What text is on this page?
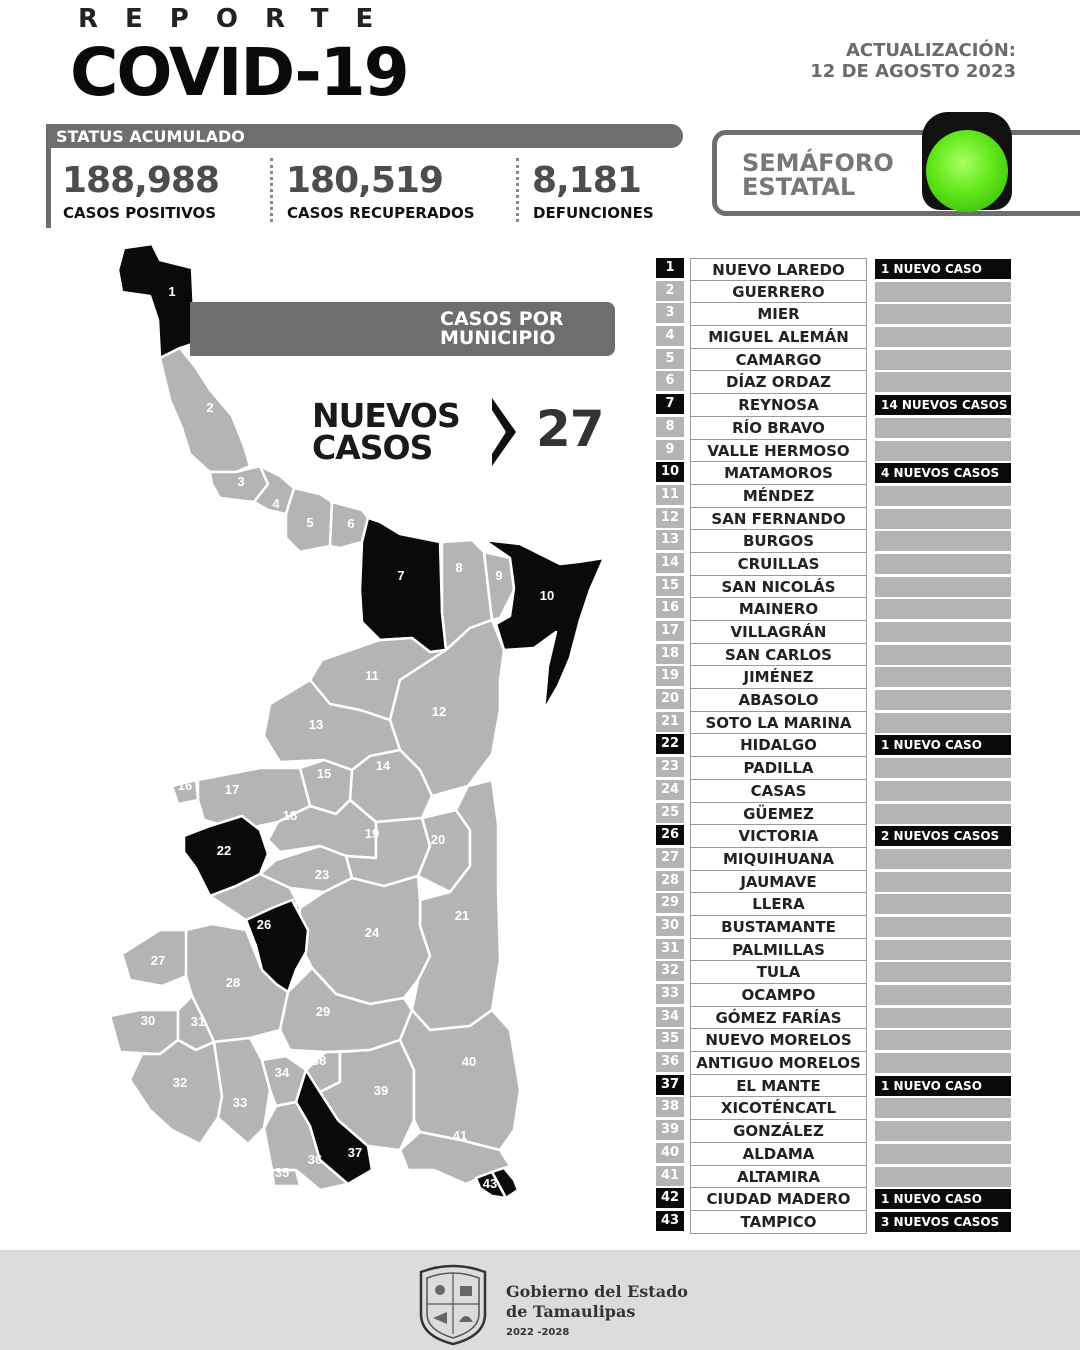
REPORTE
COVID-19	ACTUALIZACIÓN:
12 DE AGOSTO 2023
STATUS ACUMULADO
188,988
CASOS POSITIVOS
180,519
CASOS RECUPERADOS
8,181
DEFUNCIONES
SEMÁFORO
ESTATAL
1
2
3
4
5	6
7
8
9
10
11
12
13
14
15
16	17
18
19	20
21
22
23
24
25
26
27
28
29
30	31
32
33
34
35
36 37
38
39
40
41
42
43
CASOS POR
MUNICIPIO
NUEVOS
CASOS	27
1	NUEVO LAREDO	1 NUEVO CASO
2	GUERRERO
3	MIER
4	MIGUEL ALEMÁN
5	CAMARGO
6	DÍAZ ORDAZ
7	REYNOSA	14 NUEVOS CASOS
8	RÍO BRAVO
9	VALLE HERMOSO
10	MATAMOROS	4 NUEVOS CASOS
11	MÉNDEZ
12	SAN FERNANDO
13	BURGOS
14	CRUILLAS
15	SAN NICOLÁS
16	MAINERO
17	VILLAGRÁN
18	SAN CARLOS
19	JIMÉNEZ
20	ABASOLO
21	SOTO LA MARINA
22	HIDALGO	1 NUEVO CASO
23	PADILLA
24	CASAS
25	GÜEMEZ
26	VICTORIA	2 NUEVOS CASOS
27	MIQUIHUANA
28	JAUMAVE
29	LLERA
30	BUSTAMANTE
31	PALMILLAS
32	TULA
33	OCAMPO
34	GÓMEZ FARÍAS
35	NUEVO MORELOS
36	ANTIGUO MORELOS
37	EL MANTE	1 NUEVO CASO
38	XICOTÉNCATL
39	GONZÁLEZ
40	ALDAMA
41	ALTAMIRA
42	CIUDAD MADERO	1 NUEVO CASO
43	TAMPICO	3 NUEVOS CASOS
Gobierno del Estado
de Tamaulipas
2022 -2028
